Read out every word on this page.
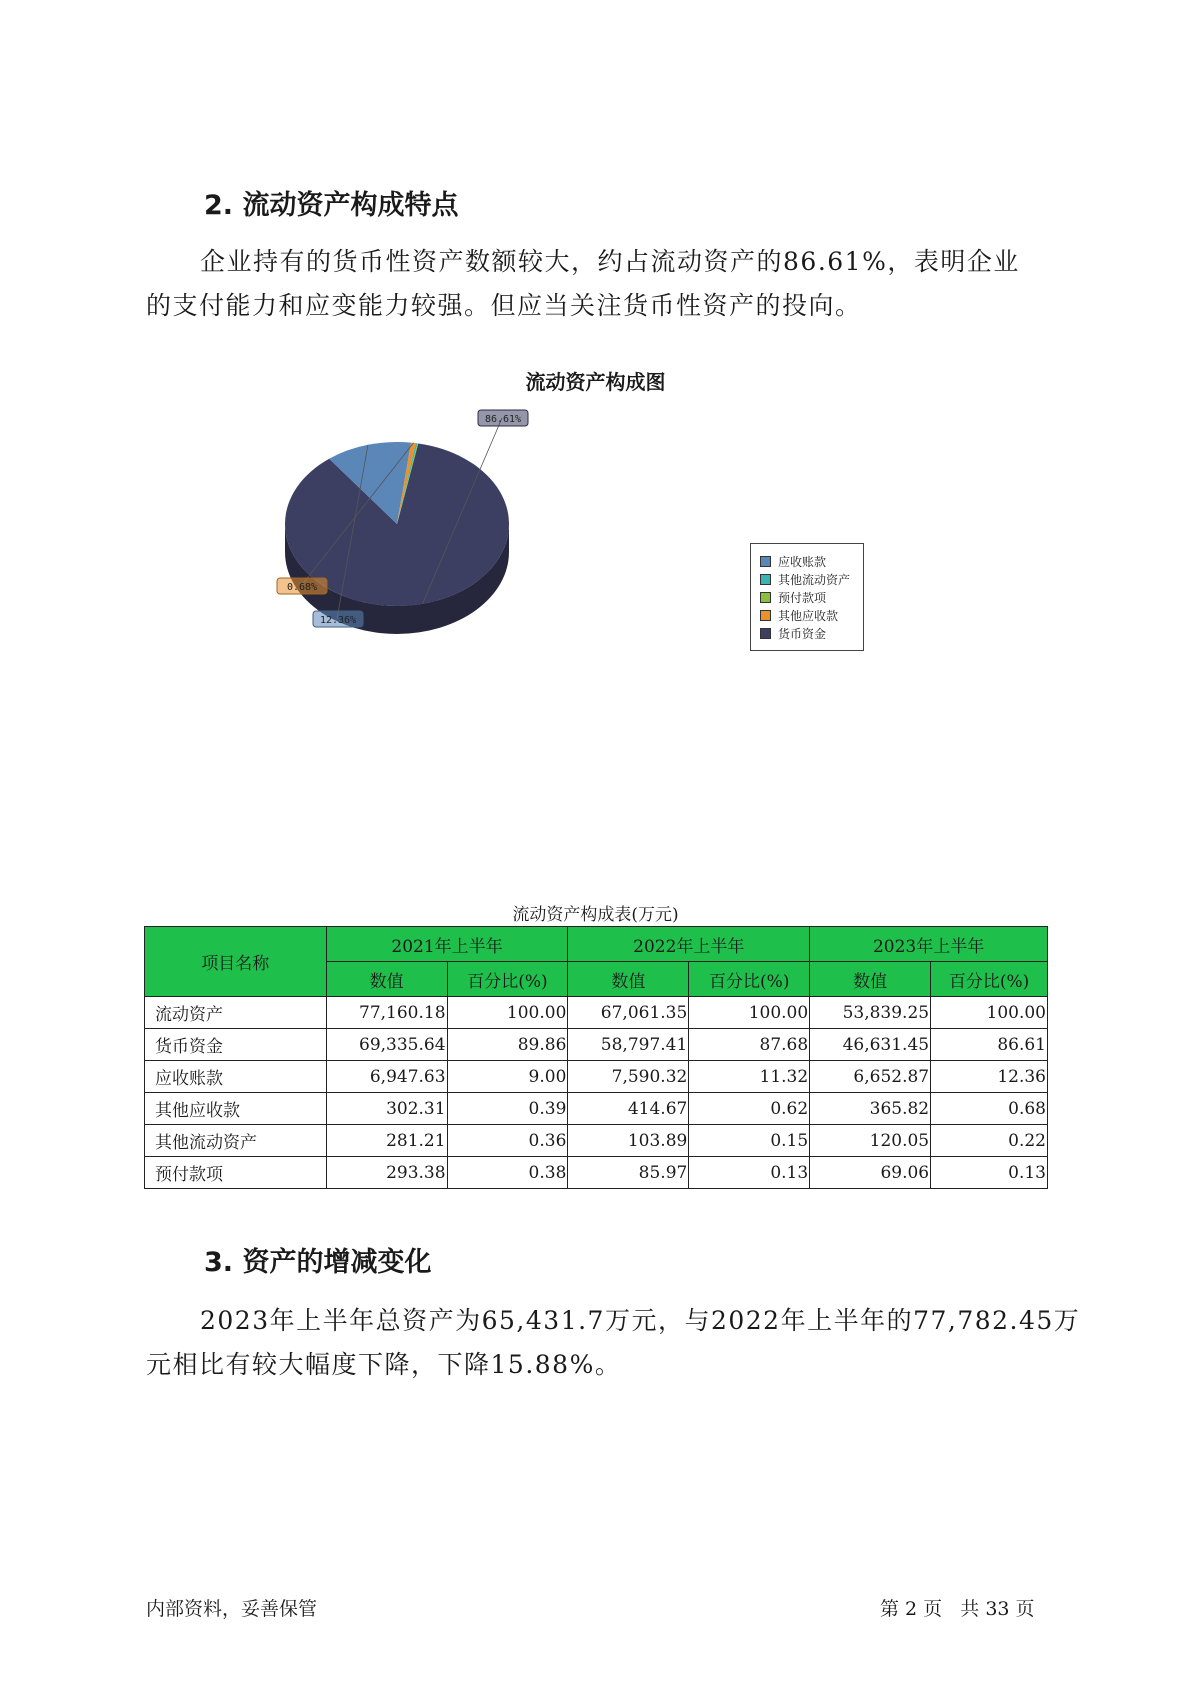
2. 流动资产构成特点
企业持有的货币性资产数额较大，约占流动资产的86.61%，表明企业
的支付能力和应变能力较强。但应当关注货币性资产的投向。
流动资产构成图
86.61%
12.36%
0.68%
应收账款
其他流动资产
预付款项
其他应收款
货币资金
流动资产构成表(万元)
项目名称	2021年上半年		2022年上半年		2023年上半年	
	数值	百分比(%)	数值	百分比(%)	数值	百分比(%)
流动资产	77,160.18	100.00	67,061.35	100.00	53,839.25	100.00
货币资金	69,335.64	89.86	58,797.41	87.68	46,631.45	86.61
应收账款	6,947.63	9.00	7,590.32	11.32	6,652.87	12.36
其他应收款	302.31	0.39	414.67	0.62	365.82	0.68
其他流动资产	281.21	0.36	103.89	0.15	120.05	0.22
预付款项	293.38	0.38	85.97	0.13	69.06	0.13
3. 资产的增减变化
2023年上半年总资产为65,431.7万元，与2022年上半年的77,782.45万
元相比有较大幅度下降，下降15.88%。
内部资料，妥善保管	第 2 页   共 33 页
